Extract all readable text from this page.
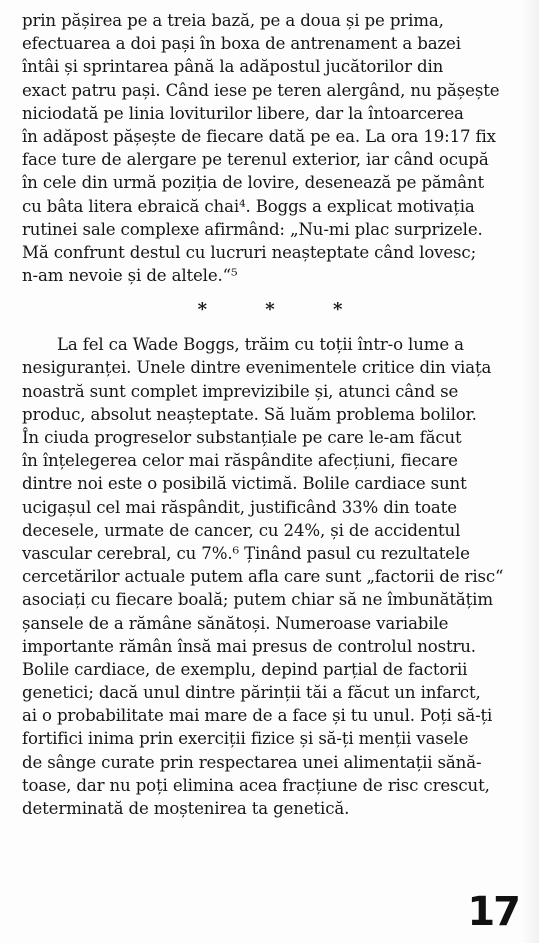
prin pășirea pe a treia bază, pe a doua și pe prima,
efectuarea a doi pași în boxa de antrenament a bazei
întâi și sprintarea până la adăpostul jucătorilor din
exact patru pași. Când iese pe teren alergând, nu pășește
niciodată pe linia loviturilor libere, dar la întoarcerea
în adăpost pășește de fiecare dată pe ea. La ora 19:17 fix
face ture de alergare pe terenul exterior, iar când ocupă
în cele din urmă poziția de lovire, desenează pe pământ
cu bâta litera ebraică chai⁴. Boggs a explicat motivația
rutinei sale complexe afirmând: „Nu-mi plac surprizele.
Mă confrunt destul cu lucruri neașteptate când lovesc;
n-am nevoie și de altele.“⁵
* * *
La fel ca Wade Boggs, trăim cu toții într-o lume a
nesiguranței. Unele dintre evenimentele critice din viața
noastră sunt complet imprevizibile și, atunci când se
produc, absolut neașteptate. Să luăm problema bolilor.
În ciuda progreselor substanțiale pe care le-am făcut
în înțelegerea celor mai răspândite afecțiuni, fiecare
dintre noi este o posibilă victimă. Bolile cardiace sunt
ucigașul cel mai răspândit, justificând 33% din toate
decesele, urmate de cancer, cu 24%, și de accidentul
vascular cerebral, cu 7%.⁶ Ținând pasul cu rezultatele
cercetărilor actuale putem afla care sunt „factorii de risc“
asociați cu fiecare boală; putem chiar să ne îmbunătățim
șansele de a rămâne sănătoși. Numeroase variabile
importante rămân însă mai presus de controlul nostru.
Bolile cardiace, de exemplu, depind parțial de factorii
genetici; dacă unul dintre părinții tăi a făcut un infarct,
ai o probabilitate mai mare de a face și tu unul. Poți să-ți
fortifici inima prin exerciții fizice și să-ți menții vasele
de sânge curate prin respectarea unei alimentații sănă-
toase, dar nu poți elimina acea fracțiune de risc crescut,
determinată de moștenirea ta genetică.
17
